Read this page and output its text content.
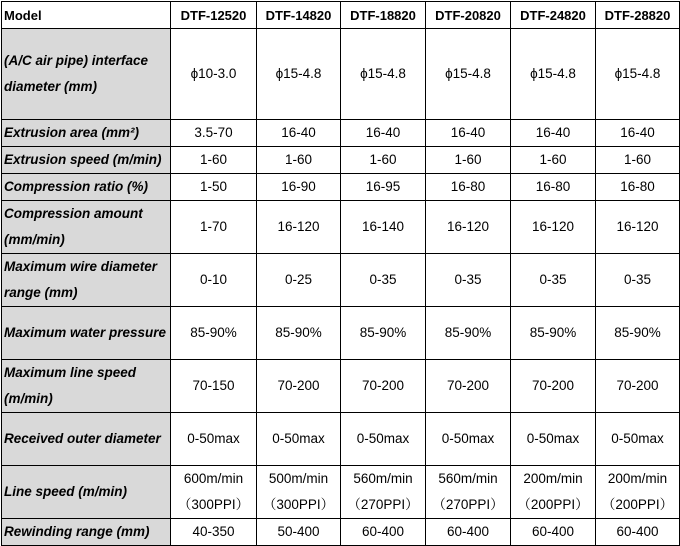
Model	DTF-12520	DTF-14820	DTF-18820	DTF-20820	DTF-24820	DTF-28820
(A/C air pipe) interface diameter (mm)	ϕ10-3.0	ϕ15-4.8	ϕ15-4.8	ϕ15-4.8	ϕ15-4.8	ϕ15-4.8
Extrusion area (mm²)	3.5-70	16-40	16-40	16-40	16-40	16-40
Extrusion speed (m/min)	1-60	1-60	1-60	1-60	1-60	1-60
Compression ratio (%)	1-50	16-90	16-95	16-80	16-80	16-80
Compression amount (mm/min)	1-70	16-120	16-140	16-120	16-120	16-120
Maximum wire diameter range (mm)	0-10	0-25	0-35	0-35	0-35	0-35
Maximum water pressure	85-90%	85-90%	85-90%	85-90%	85-90%	85-90%
Maximum line speed (m/min)	70-150	70-200	70-200	70-200	70-200	70-200
Received outer diameter	0-50max	0-50max	0-50max	0-50max	0-50max	0-50max
Line speed (m/min)	600m/min（300PPI）	500m/min（300PPI）	560m/min（270PPI）	560m/min（270PPI）	200m/min（200PPI）	200m/min（200PPI）
Rewinding range (mm)	40-350	50-400	60-400	60-400	60-400	60-400
